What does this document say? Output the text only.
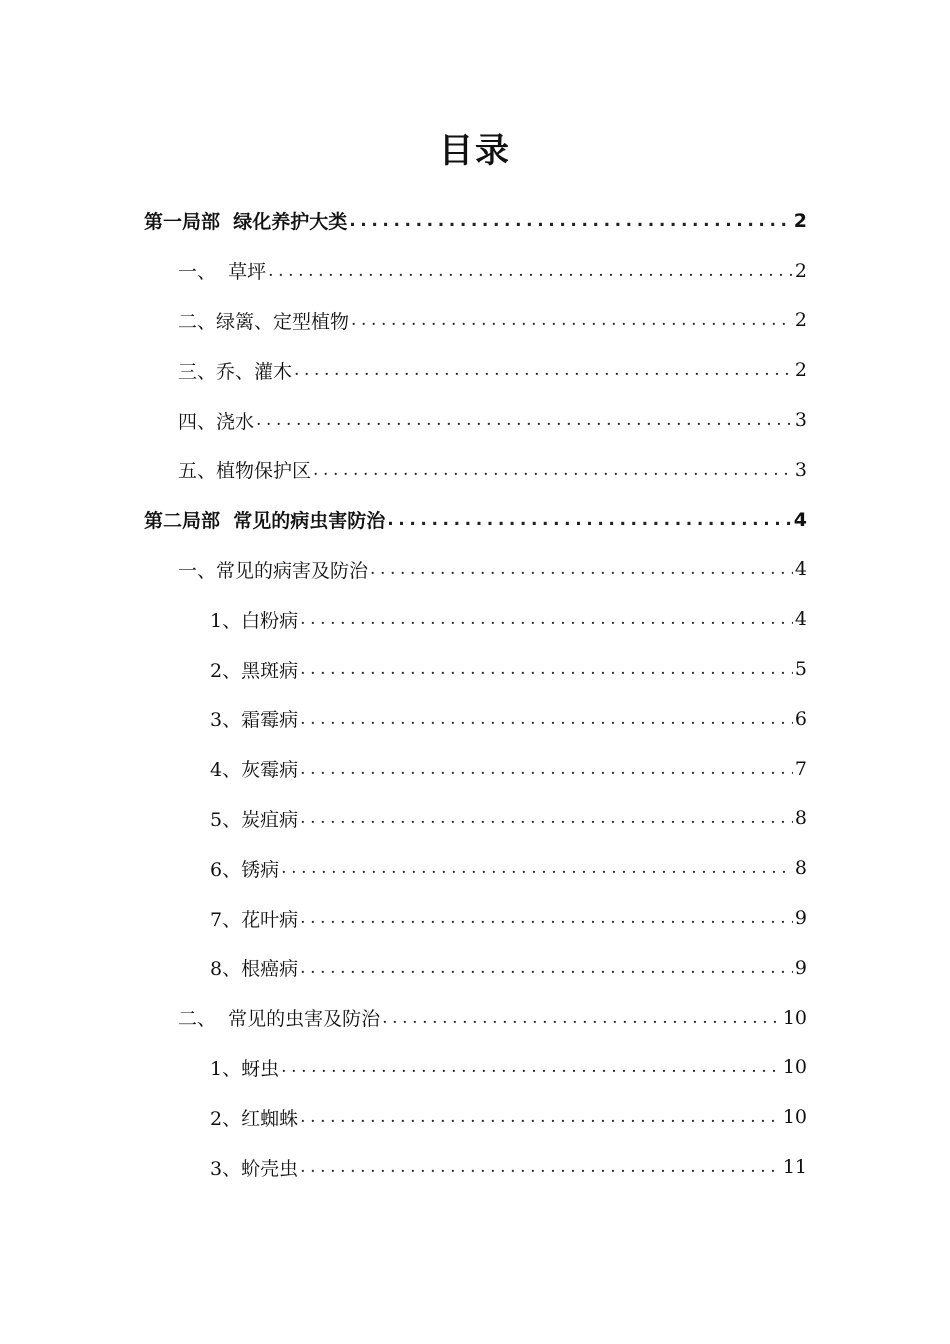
目录
第一局部  绿化养护大类 .....	2
一、  草坪 .....	2
二、绿篱、定型植物 .....	2
三、乔、灌木 .....	2
四、浇水 .....	3
五、植物保护区 .....	3
第二局部  常见的病虫害防治 .....	4
一、常见的病害及防治 .....	4
1、白粉病 .....	4
2、黑斑病 .....	5
3、霜霉病 .....	6
4、灰霉病 .....	7
5、炭疽病 .....	8
6、锈病 .....	8
7、花叶病 .....	9
8、根癌病 .....	9
二、  常见的虫害及防治 .....	10
1、蚜虫 .....	10
2、红蜘蛛 .....	10
3、蚧壳虫 .....	11
